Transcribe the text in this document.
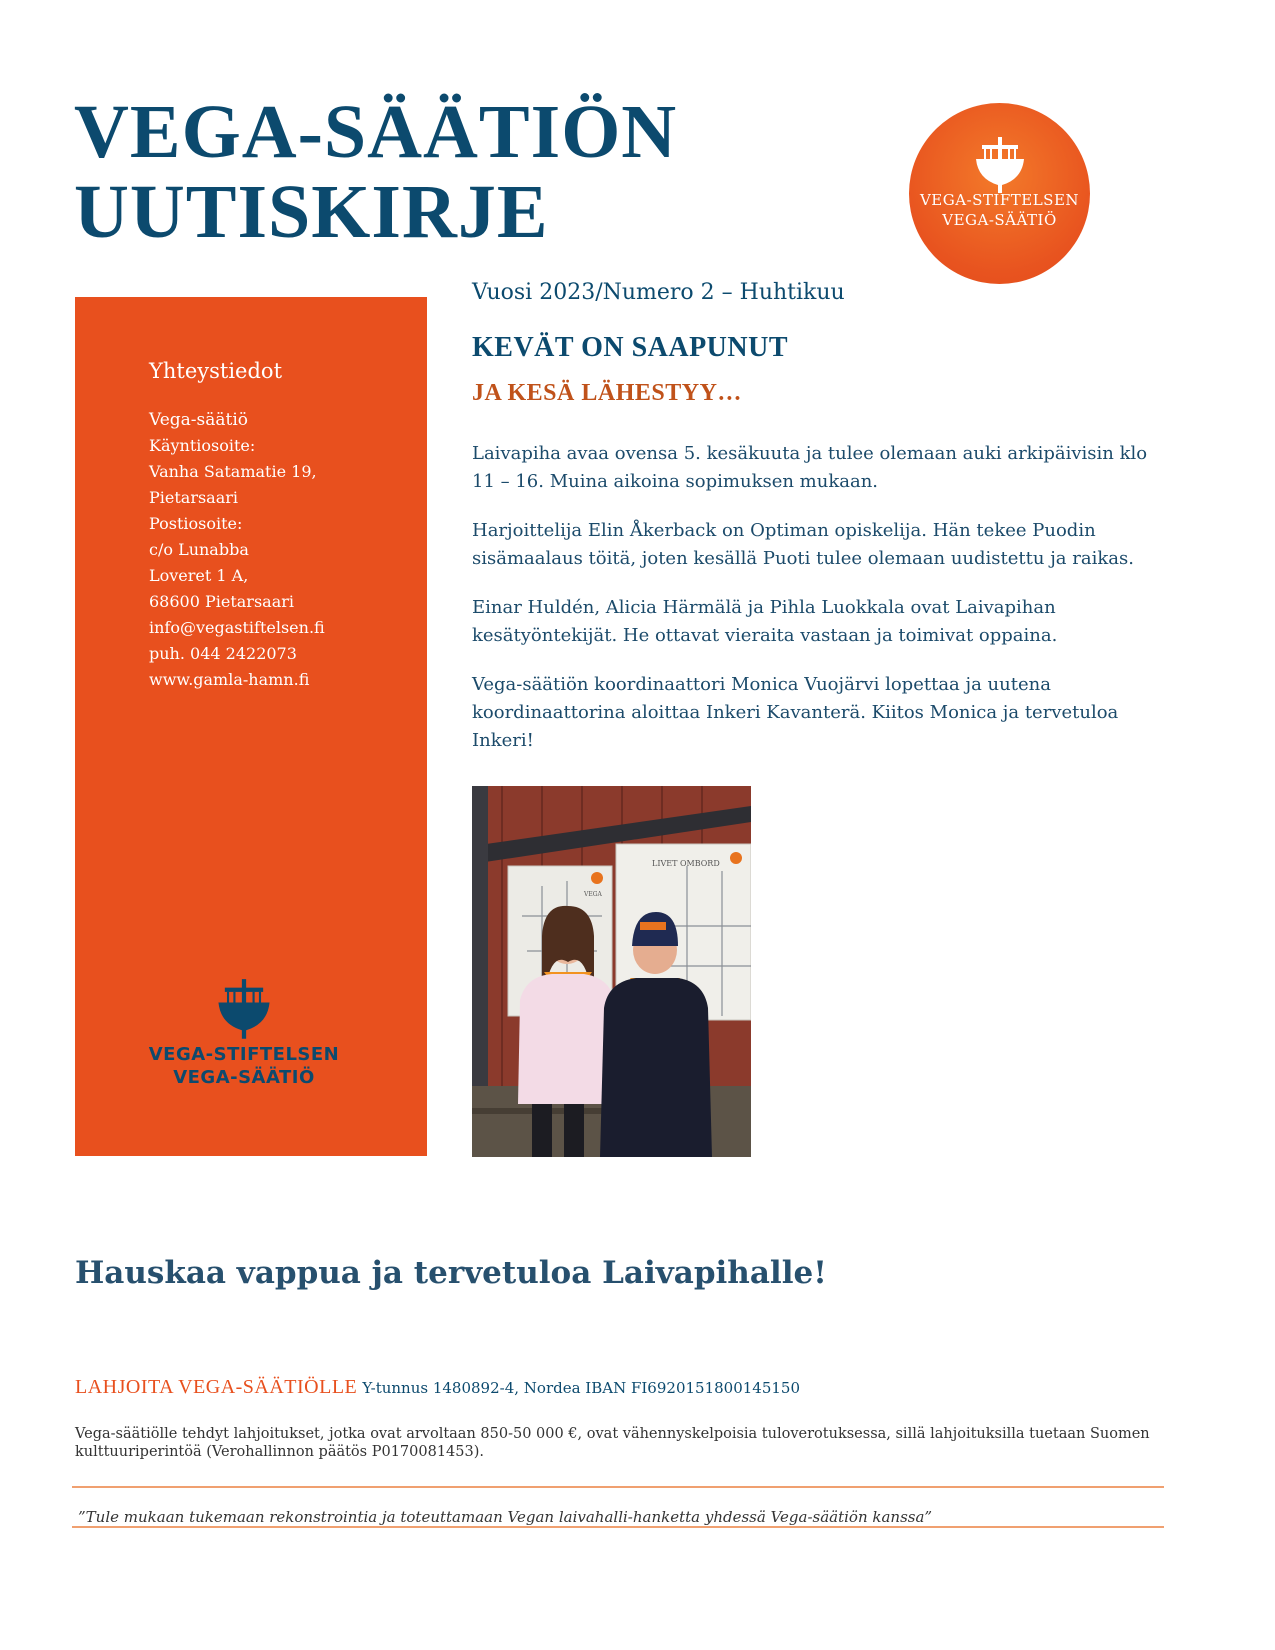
VEGA-SÄÄTIÖN
UUTISKIRJE	VEGA-STIFTELSEN
VEGA-SÄÄTIÖ
Yhteystiedot
Vega-säätiö
Käyntiosoite:
Vanha Satamatie 19,
Pietarsaari
Postiosoite:
c/o Lunabba
Loveret 1 A,
68600 Pietarsaari
info@vegastiftelsen.fi
puh. 044 2422073
www.gamla-hamn.fi
VEGA-STIFTELSEN
VEGA-SÄÄTIÖ

Vuosi 2023/Numero 2 – Huhtikuu

KEVÄT ON SAAPUNUT
JA KESÄ LÄHESTYY…

Laivapiha avaa ovensa 5. kesäkuuta ja tulee olemaan auki arkipäivisin klo 11 – 16. Muina aikoina sopimuksen mukaan.

Harjoittelija Elin Åkerback on Optiman opiskelija. Hän tekee Puodin sisämaalaus töitä, joten kesällä Puoti tulee olemaan uudistettu ja raikas.

Einar Huldén, Alicia Härmälä ja Pihla Luokkala ovat Laivapihan kesätyöntekijät. He ottavat vieraita vastaan ja toimivat oppaina.

Vega-säätiön koordinaattori Monica Vuojärvi lopettaa ja uutena koordinaattorina aloittaa Inkeri Kavanterä. Kiitos Monica ja tervetuloa Inkeri!

LIVET OMBORD
VEGA
Hauskaa vappua ja tervetuloa Laivapihalle!
LAHJOITA VEGA-SÄÄTIÖLLE Y-tunnus 1480892-4, Nordea IBAN FI6920151800145150

Vega-säätiölle tehdyt lahjoitukset, jotka ovat arvoltaan 850-50 000 €, ovat vähennyskelpoisia tuloverotuksessa, sillä lahjoituksilla tuetaan Suomen kulttuuriperintöä (Verohallinnon päätös P0170081453).

”Tule mukaan tukemaan rekonstrointia ja toteuttamaan Vegan laivahalli-hanketta yhdessä Vega-säätiön kanssa”
